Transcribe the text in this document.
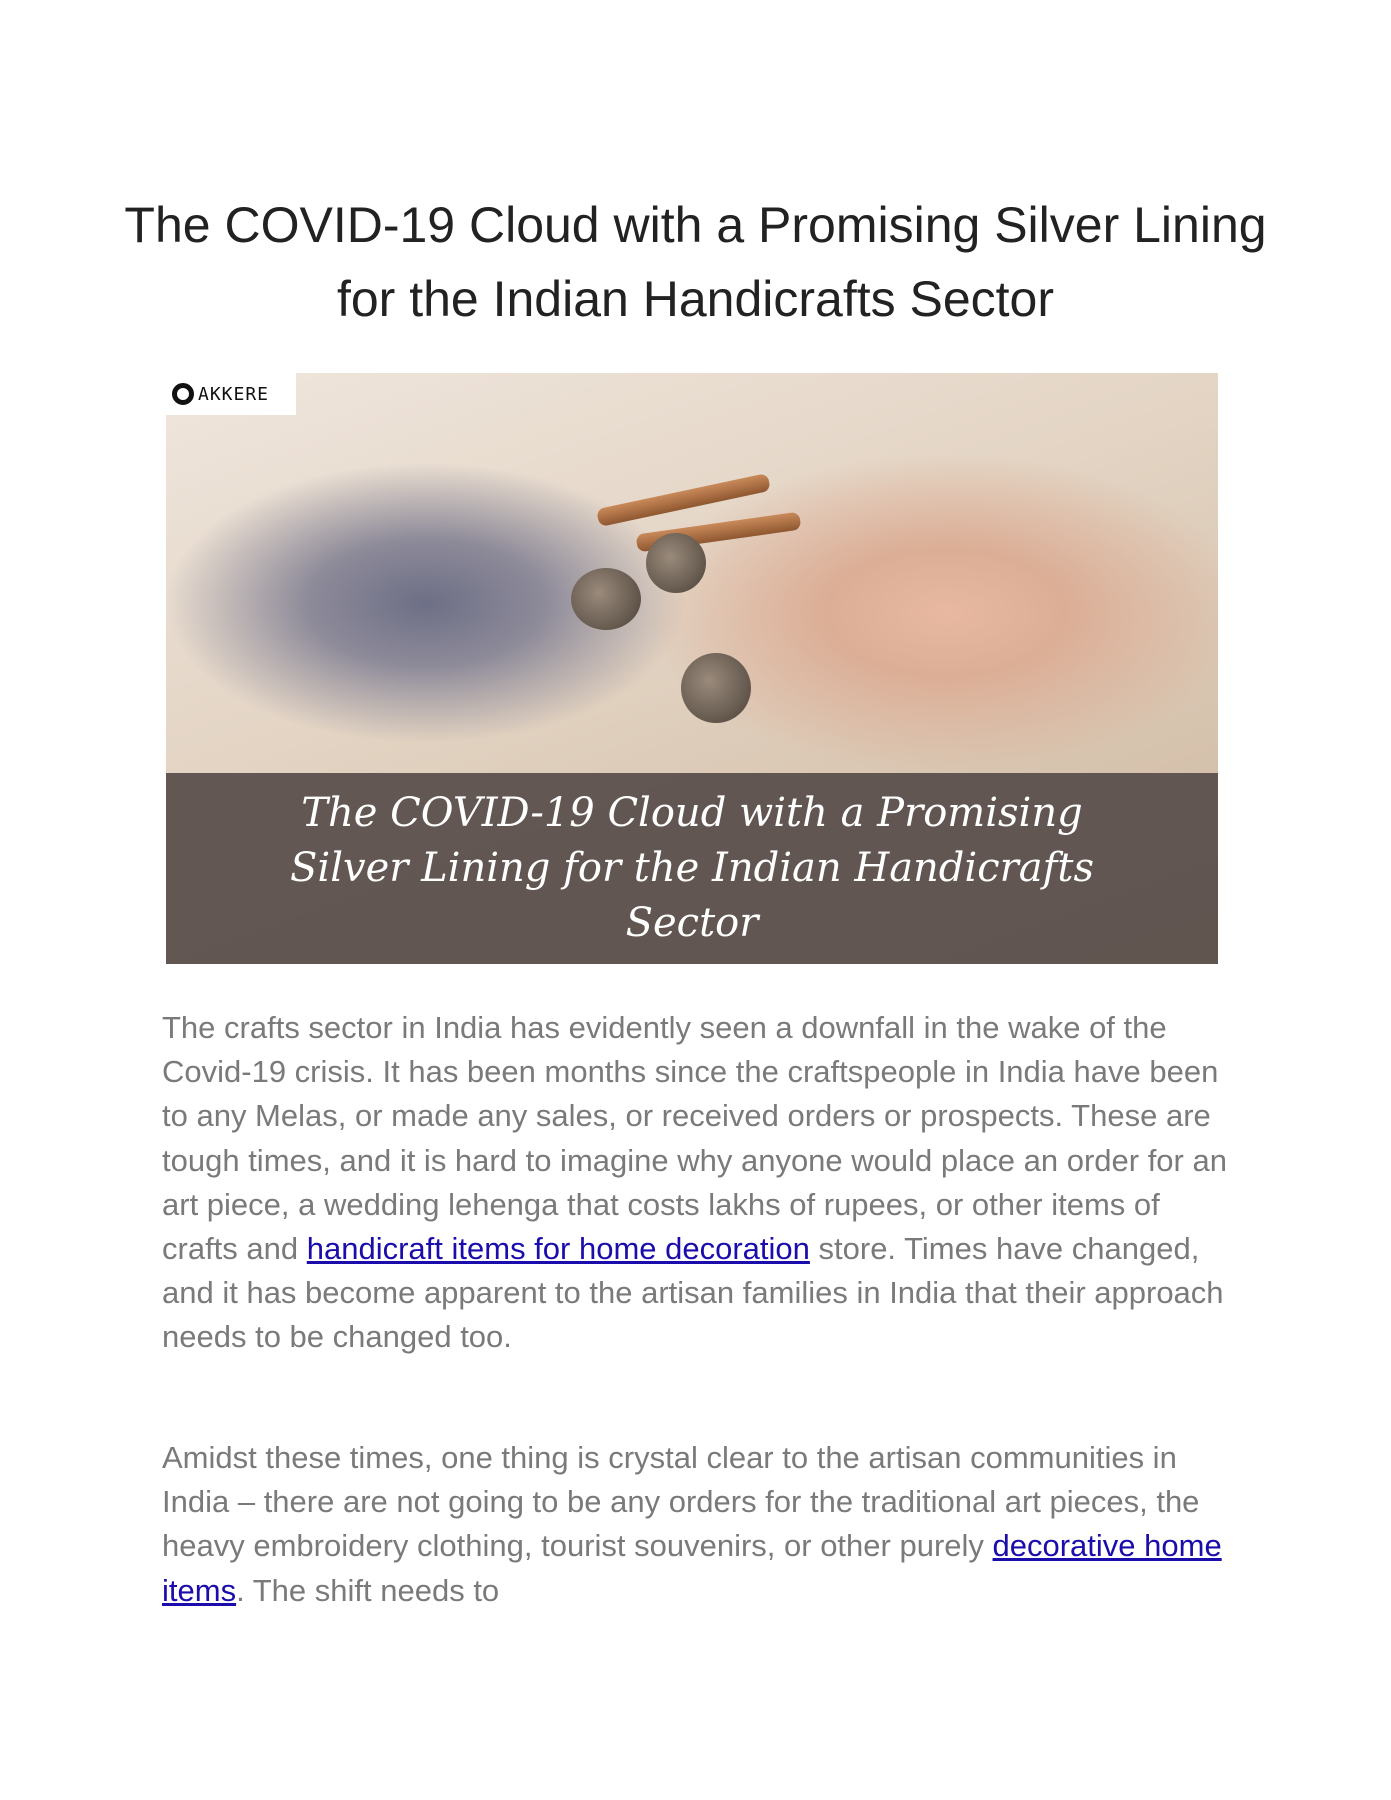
The COVID-19 Cloud with a Promising Silver Lining for the Indian Handicrafts Sector
AKKERE
The COVID-19 Cloud with a Promising Silver Lining for the Indian Handicrafts Sector

The crafts sector in India has evidently seen a downfall in the wake of the Covid-19 crisis. It has been months since the craftspeople in India have been to any Melas, or made any sales, or received orders or prospects. These are tough times, and it is hard to imagine why anyone would place an order for an art piece, a wedding lehenga that costs lakhs of rupees, or other items of crafts and handicraft items for home decoration store. Times have changed, and it has become apparent to the artisan families in India that their approach needs to be changed too.

Amidst these times, one thing is crystal clear to the artisan communities in India – there are not going to be any orders for the traditional art pieces, the heavy embroidery clothing, tourist souvenirs, or other purely decorative home items. The shift needs to
